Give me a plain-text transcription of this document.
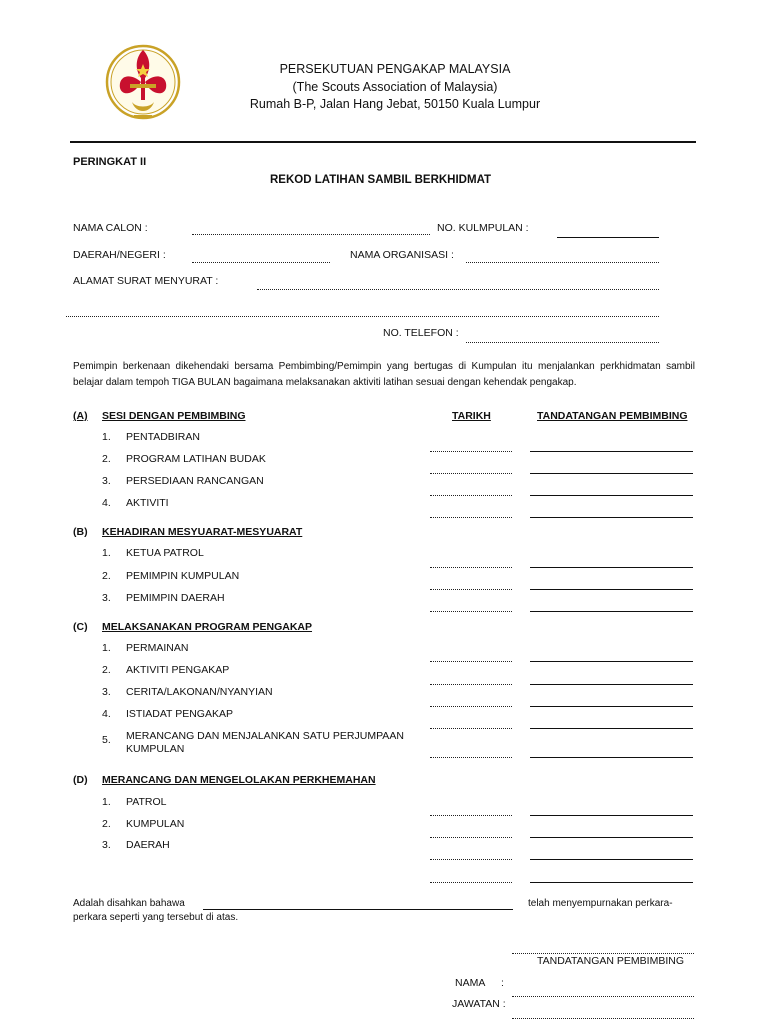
PERSEKUTUAN PENGAKAP MALAYSIA
(The Scouts Association of Malaysia)
Rumah B-P, Jalan Hang Jebat, 50150 Kuala Lumpur
PERINGKAT II
REKOD LATIHAN SAMBIL BERKHIDMAT
NAMA CALON :	NO. KULMPULAN :
DAERAH/NEGERI :	NAMA ORGANISASI :
ALAMAT SURAT MENYURAT :
NO. TELEFON :
Pemimpin berkenaan dikehendaki bersama Pembimbing/Pemimpin yang bertugas di Kumpulan itu menjalankan perkhidmatan sambil belajar dalam tempoh TIGA BULAN bagaimana melaksanakan aktiviti latihan sesuai dengan kehendak pengakap.
TARIKH	TANDATANGAN PEMBIMBING
(A) SESI DENGAN PEMBIMBING
1.	PENTADBIRAN
2.	PROGRAM LATIHAN BUDAK
3.	PERSEDIAAN RANCANGAN
4.	AKTIVITI
(B) KEHADIRAN MESYUARAT-MESYUARAT
1.	KETUA PATROL
2.	PEMIMPIN KUMPULAN
3.	PEMIMPIN DAERAH
(C) MELAKSANAKAN PROGRAM PENGAKAP
1.	PERMAINAN
2.	AKTIVITI PENGAKAP
3.	CERITA/LAKONAN/NYANYIAN
4.	ISTIADAT PENGAKAP
5.	MERANCANG DAN MENJALANKAN SATU PERJUMPAAN
KUMPULAN
(D) MERANCANG DAN MENGELOLAKAN PERKHEMAHAN
1.	PATROL
2.	KUMPULAN
3.	DAERAH
Adalah disahkan bahawa	telah menyempurnakan perkara-
perkara seperti yang tersebut di atas.
TANDATANGAN PEMBIMBING
NAMA :
JAWATAN :
